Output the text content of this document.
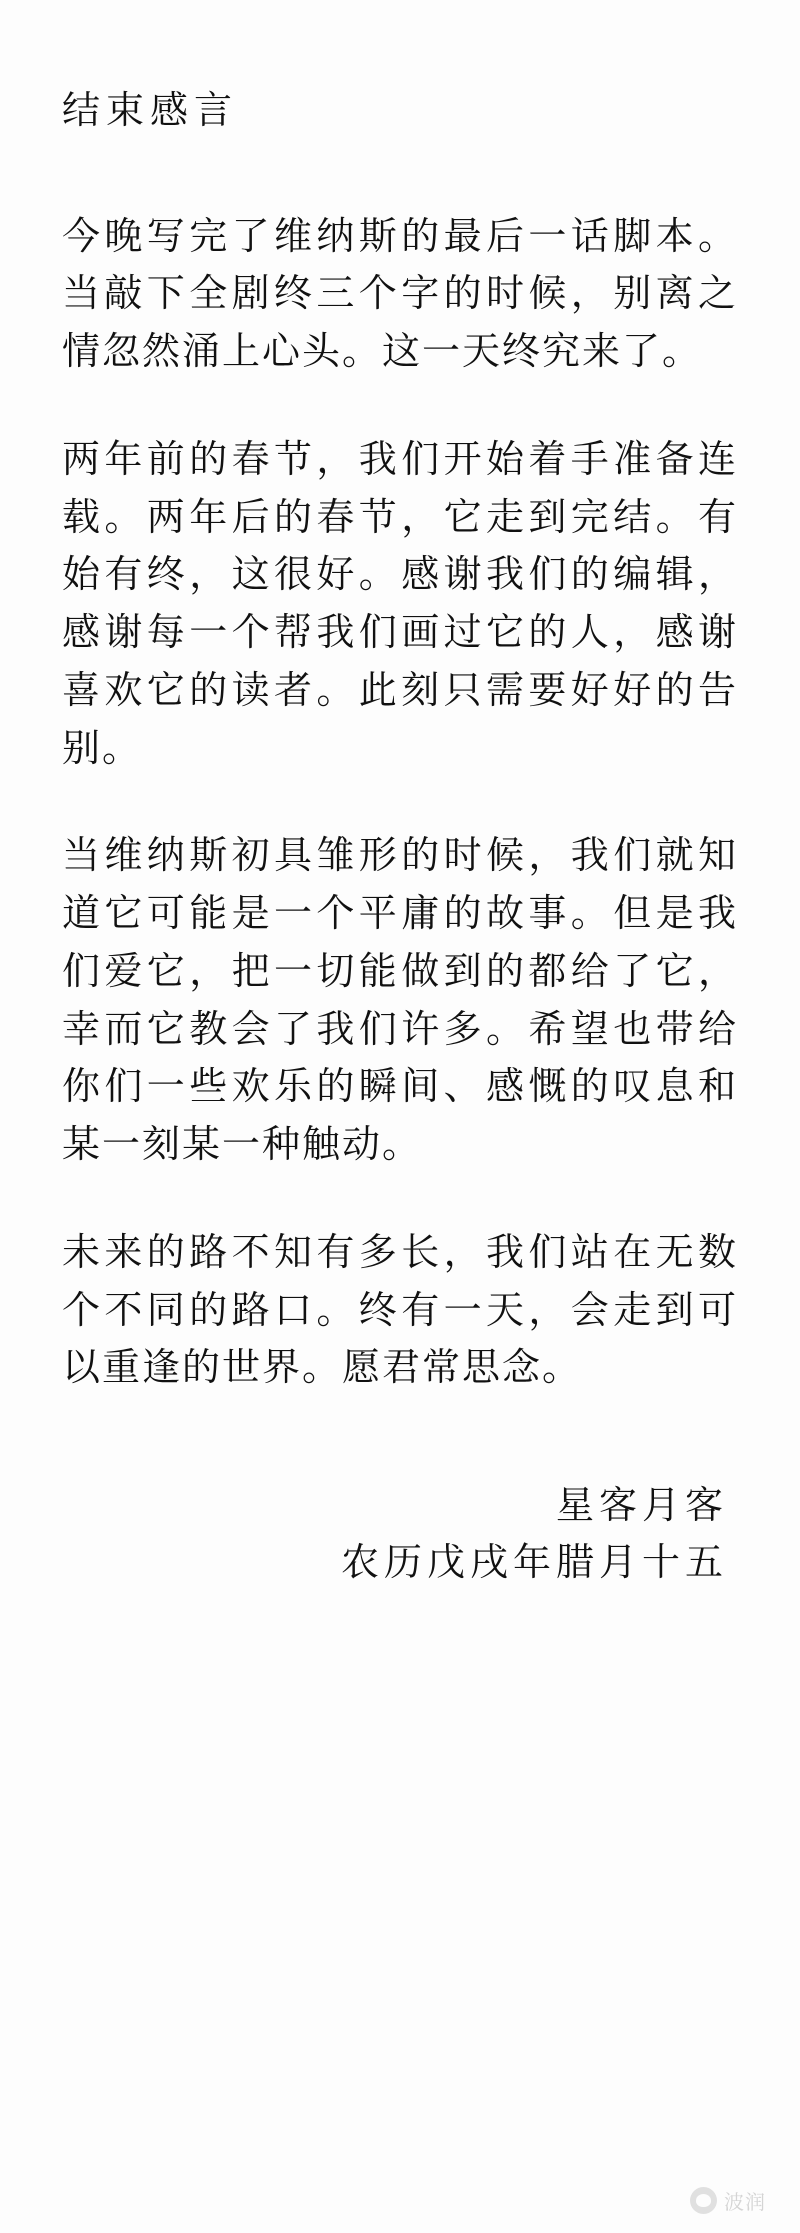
结束感言

今晚写完了维纳斯的最后一话脚本。当敲下全剧终三个字的时候，别离之情忽然涌上心头。这一天终究来了。

两年前的春节，我们开始着手准备连载。两年后的春节，它走到完结。有始有终，这很好。感谢我们的编辑，感谢每一个帮我们画过它的人，感谢喜欢它的读者。此刻只需要好好的告别。

当维纳斯初具雏形的时候，我们就知道它可能是一个平庸的故事。但是我们爱它，把一切能做到的都给了它，幸而它教会了我们许多。希望也带给你们一些欢乐的瞬间、感慨的叹息和某一刻某一种触动。

未来的路不知有多长，我们站在无数个不同的路口。终有一天，会走到可以重逢的世界。愿君常思念。

星客月客
农历戊戌年腊月十五
波润
